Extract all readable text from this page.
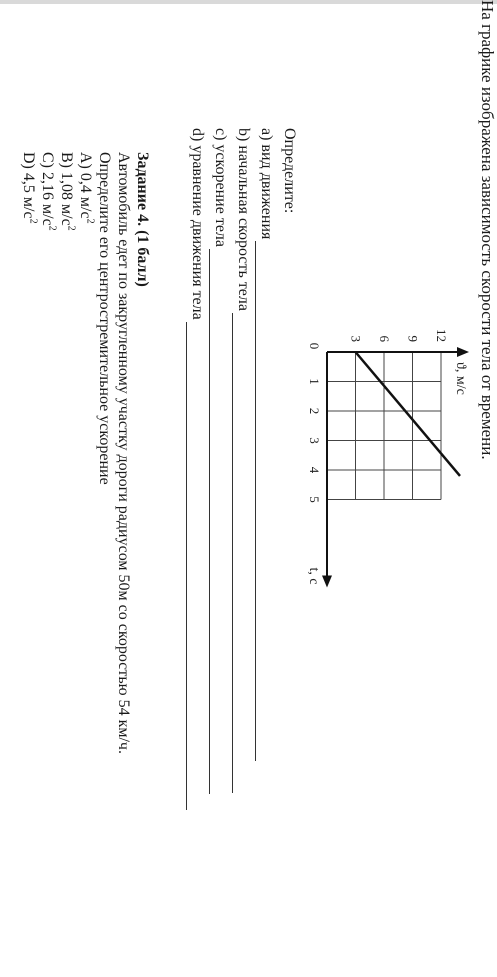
На графике изображена зависимость скорости тела от времени.
1
2
3
4
5
0
3 6 9 12
ϑ, м/с
t, с
Определите:
а) вид движения
b) начальная скорость тела
c) ускорение тела
d) уравнение движения тела
Задание 4. (1 балл)
Автомобиль едет по закругленному участку дороги радиусом 50м со скоростью 54 км/ч.
Определите его центростремительное ускорение
A) 0,4 $м/с^2$
B) 1,08 $м/с^2$
C) 2,16 $м/с^2$
D) 4,5 $м/с^2$
